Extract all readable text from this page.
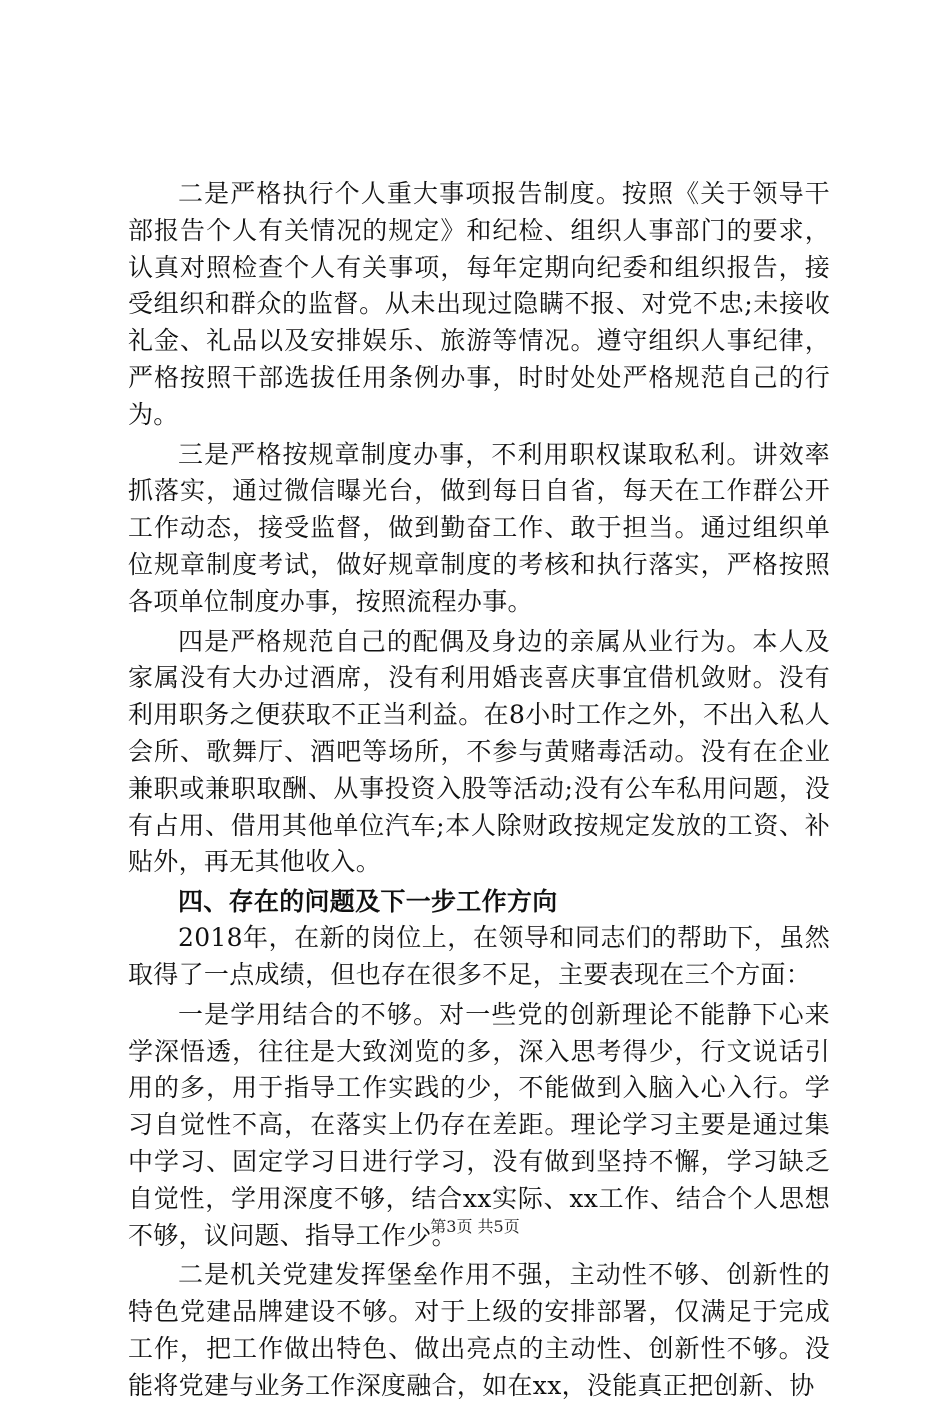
二是严格执行个人重大事项报告制度。按照《关于领导干部报告个人有关情况的规定》和纪检、组织人事部门的要求，认真对照检查个人有关事项，每年定期向纪委和组织报告，接受组织和群众的监督。从未出现过隐瞒不报、对党不忠;未接收礼金、礼品以及安排娱乐、旅游等情况。遵守组织人事纪律，严格按照干部选拔任用条例办事，时时处处严格规范自己的行为。

三是严格按规章制度办事，不利用职权谋取私利。讲效率抓落实，通过微信曝光台，做到每日自省，每天在工作群公开工作动态，接受监督，做到勤奋工作、敢于担当。通过组织单位规章制度考试，做好规章制度的考核和执行落实，严格按照各项单位制度办事，按照流程办事。

四是严格规范自己的配偶及身边的亲属从业行为。本人及家属没有大办过酒席，没有利用婚丧喜庆事宜借机敛财。没有利用职务之便获取不正当利益。在8小时工作之外，不出入私人会所、歌舞厅、酒吧等场所，不参与黄赌毒活动。没有在企业兼职或兼职取酬、从事投资入股等活动;没有公车私用问题，没有占用、借用其他单位汽车;本人除财政按规定发放的工资、补贴外，再无其他收入。

四、存在的问题及下一步工作方向

2018年，在新的岗位上，在领导和同志们的帮助下，虽然取得了一点成绩，但也存在很多不足，主要表现在三个方面：

一是学用结合的不够。对一些党的创新理论不能静下心来学深悟透，往往是大致浏览的多，深入思考得少，行文说话引用的多，用于指导工作实践的少，不能做到入脑入心入行。学习自觉性不高，在落实上仍存在差距。理论学习主要是通过集中学习、固定学习日进行学习，没有做到坚持不懈，学习缺乏自觉性，学用深度不够，结合xx实际、xx工作、结合个人思想不够，议问题、指导工作少。

二是机关党建发挥堡垒作用不强，主动性不够、创新性的特色党建品牌建设不够。对于上级的安排部署，仅满足于完成工作，把工作做出特色、做出亮点的主动性、创新性不够。没能将党建与业务工作深度融合，如在xx，没能真正把创新、协

第3页 共5页
